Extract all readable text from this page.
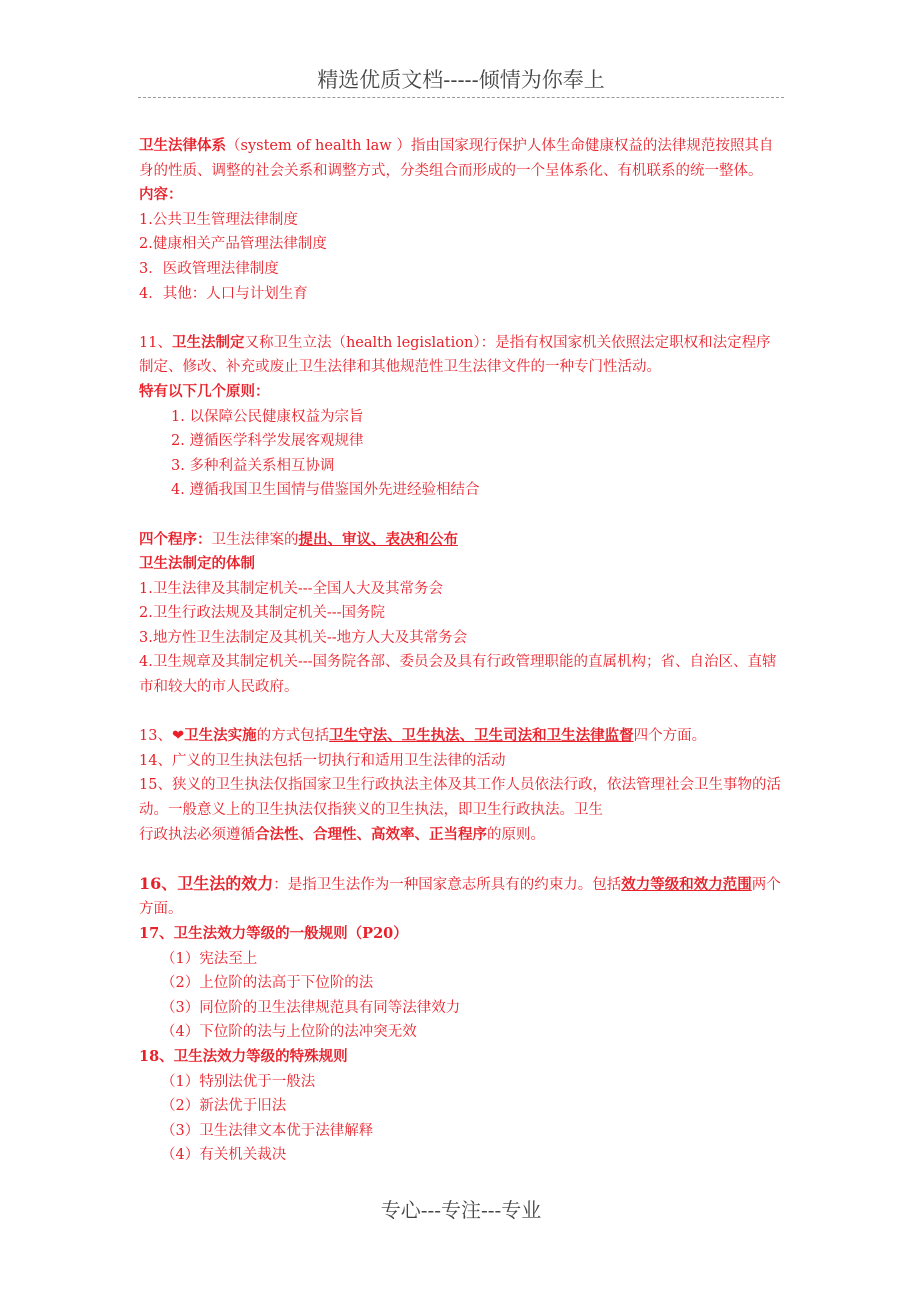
精选优质文档-----倾情为你奉上

卫生法律体系（system of health law ）指由国家现行保护人体生命健康权益的法律规范按照其自身的性质、调整的社会关系和调整方式，分类组合而形成的一个呈体系化、有机联系的统一整体。

内容：

1.公共卫生管理法律制度

2.健康相关产品管理法律制度

3．医政管理法律制度

4．其他：人口与计划生育

11、卫生法制定又称卫生立法（health legislation）：是指有权国家机关依照法定职权和法定程序制定、修改、补充或废止卫生法律和其他规范性卫生法律文件的一种专门性活动。

特有以下几个原则：

1. 以保障公民健康权益为宗旨

2. 遵循医学科学发展客观规律

3. 多种利益关系相互协调

4. 遵循我国卫生国情与借鉴国外先进经验相结合

四个程序：卫生法律案的提出、审议、表决和公布

卫生法制定的体制

1.卫生法律及其制定机关---全国人大及其常务会

2.卫生行政法规及其制定机关---国务院

3.地方性卫生法制定及其机关--地方人大及其常务会

4.卫生规章及其制定机关---国务院各部、委员会及具有行政管理职能的直属机构；省、自治区、直辖市和较大的市人民政府。

13、❤卫生法实施的方式包括卫生守法、卫生执法、卫生司法和卫生法律监督四个方面。

14、广义的卫生执法包括一切执行和适用卫生法律的活动

15、狭义的卫生执法仅指国家卫生行政执法主体及其工作人员依法行政，依法管理社会卫生事物的活动。一般意义上的卫生执法仅指狭义的卫生执法，即卫生行政执法。卫生

行政执法必须遵循合法性、合理性、高效率、正当程序的原则。

16、卫生法的效力：是指卫生法作为一种国家意志所具有的约束力。包括效力等级和效力范围两个方面。

17、卫生法效力等级的一般规则（P20）

（1）宪法至上

（2）上位阶的法高于下位阶的法

（3）同位阶的卫生法律规范具有同等法律效力

（4）下位阶的法与上位阶的法冲突无效

18、卫生法效力等级的特殊规则

（1）特别法优于一般法

（2）新法优于旧法

（3）卫生法律文本优于法律解释

（4）有关机关裁决

专心---专注---专业
